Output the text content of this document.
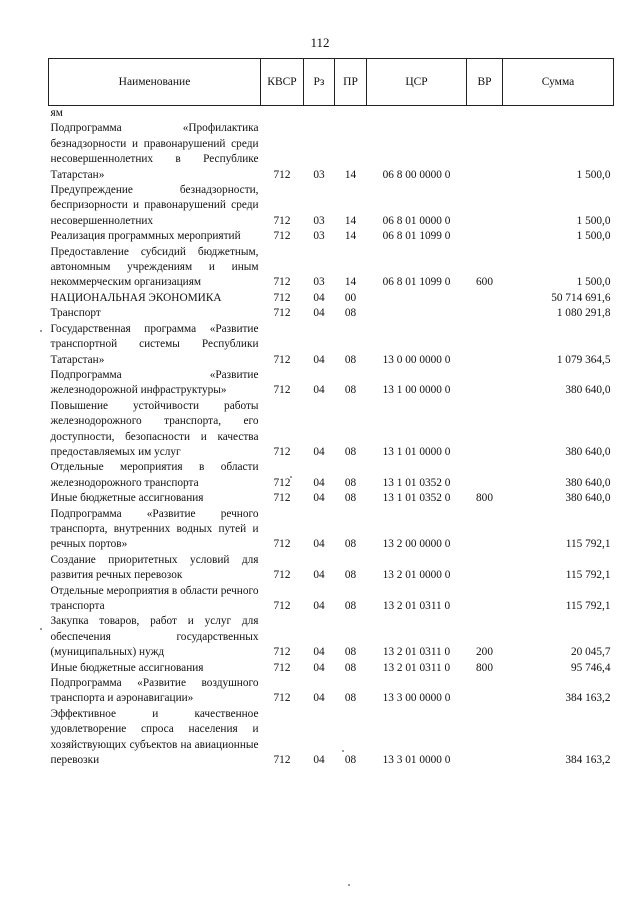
112
Наименование	КВСР	Рз	ПР	ЦСР	ВР	Сумма
ям						
Подпрограмма «Профилактика безнадзорности и правонарушений среди несовершеннолетних в Республике Татарстан»	712	03	14	06 8 00 0000 0		1 500,0
Предупреждение безнадзорности, беспризорности и правонарушений среди несовершеннолетних	712	03	14	06 8 01 0000 0		1 500,0
Реализация программных мероприятий	712	03	14	06 8 01 1099 0		1 500,0
Предоставление субсидий бюджетным, автономным учреждениям и иным некоммерческим организациям	712	03	14	06 8 01 1099 0	600	1 500,0
НАЦИОНАЛЬНАЯ ЭКОНОМИКА	712	04	00			50 714 691,6
Транспорт	712	04	08			1 080 291,8
Государственная программа «Развитие транспортной системы Республики Татарстан»	712	04	08	13 0 00 0000 0		1 079 364,5
Подпрограмма «Развитие железнодорожной инфраструктуры»	712	04	08	13 1 00 0000 0		380 640,0
Повышение устойчивости работы железнодорожного транспорта, его доступности, безопасности и качества предоставляемых им услуг	712	04	08	13 1 01 0000 0		380 640,0
Отдельные мероприятия в области железнодорожного транспорта	712	04	08	13 1 01 0352 0		380 640,0
Иные бюджетные ассигнования	712	04	08	13 1 01 0352 0	800	380 640,0
Подпрограмма «Развитие речного транспорта, внутренних водных путей и речных портов»	712	04	08	13 2 00 0000 0		115 792,1
Создание приоритетных условий для развития речных перевозок	712	04	08	13 2 01 0000 0		115 792,1
Отдельные мероприятия в области речного транспорта	712	04	08	13 2 01 0311 0		115 792,1
Закупка товаров, работ и услуг для обеспечения государственных (муниципальных) нужд	712	04	08	13 2 01 0311 0	200	20 045,7
Иные бюджетные ассигнования	712	04	08	13 2 01 0311 0	800	95 746,4
Подпрограмма «Развитие воздушного транспорта и аэронавигации»	712	04	08	13 3 00 0000 0		384 163,2
Эффективное и качественное удовлетворение спроса населения и хозяйствующих субъектов на авиационные перевозки	712	04	08	13 3 01 0000 0		384 163,2
